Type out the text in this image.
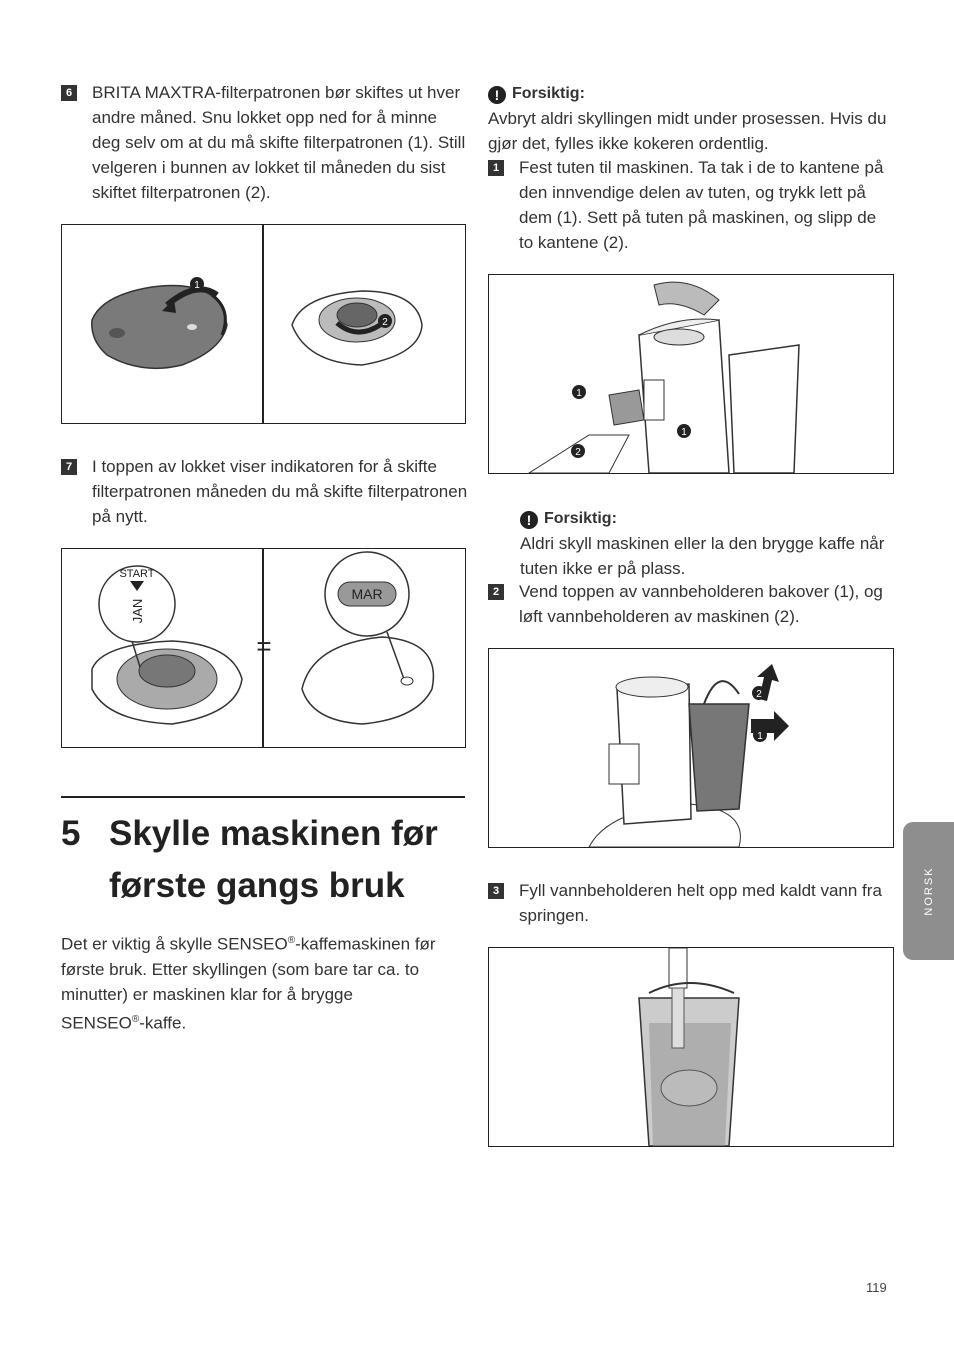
6 BRITA MAXTRA-filterpatronen bør skiftes ut hver andre måned. Snu lokket opp ned for å minne deg selv om at du må skifte filterpatronen (1). Still velgeren i bunnen av lokket til måneden du sist skiftet filterpatronen (2).
1
2
7 I toppen av lokket viser indikatoren for å skifte filterpatronen måneden du må skifte filterpatronen på nytt.
START
JAN
=
MAR
5 Skylle maskinen før første gangs bruk
Det er viktig å skylle SENSEO®-kaffemaskinen før første bruk. Etter skyllingen (som bare tar ca. to minutter) er maskinen klar for å brygge SENSEO®-kaffe.
! Forsiktig:
Avbryt aldri skyllingen midt under prosessen. Hvis du gjør det, fylles ikke kokeren ordentlig.
1 Fest tuten til maskinen. Ta tak i de to kantene på den innvendige delen av tuten, og trykk lett på dem (1). Sett på tuten på maskinen, og slipp de to kantene (2).
1
1
2
! Forsiktig:
Aldri skyll maskinen eller la den brygge kaffe når tuten ikke er på plass.
2 Vend toppen av vannbeholderen bakover (1), og løft vannbeholderen av maskinen (2).
1
2
3 Fyll vannbeholderen helt opp med kaldt vann fra springen.	NORSK
119
